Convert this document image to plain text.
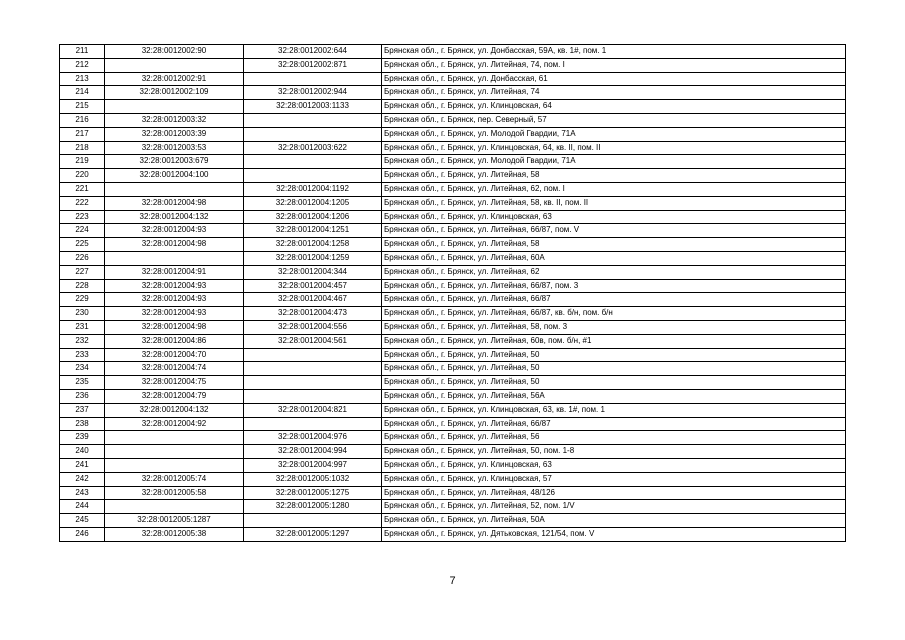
211	32:28:0012002:90	32:28:0012002:644	Брянская обл., г. Брянск, ул. Донбасская, 59А, кв. 1#, пом. 1
212		32:28:0012002:871	Брянская обл., г. Брянск, ул. Литейная, 74, пом. I
213	32:28:0012002:91		Брянская обл., г. Брянск, ул. Донбасская, 61
214	32:28:0012002:109	32:28:0012002:944	Брянская обл., г. Брянск, ул. Литейная, 74
215		32:28:0012003:1133	Брянская обл., г. Брянск, ул. Клинцовская, 64
216	32:28:0012003:32		Брянская обл., г. Брянск, пер. Северный, 57
217	32:28:0012003:39		Брянская обл., г. Брянск, ул. Молодой Гвардии, 71А
218	32:28:0012003:53	32:28:0012003:622	Брянская обл., г. Брянск, ул. Клинцовская, 64, кв. II, пом. II
219	32:28:0012003:679		Брянская обл., г. Брянск, ул. Молодой Гвардии, 71А
220	32:28:0012004:100		Брянская обл., г. Брянск, ул. Литейная, 58
221		32:28:0012004:1192	Брянская обл., г. Брянск, ул. Литейная, 62, пом. I
222	32:28:0012004:98	32:28:0012004:1205	Брянская обл., г. Брянск, ул. Литейная, 58, кв. II, пом. II
223	32:28:0012004:132	32:28:0012004:1206	Брянская обл., г. Брянск, ул. Клинцовская, 63
224	32:28:0012004:93	32:28:0012004:1251	Брянская обл., г. Брянск, ул. Литейная, 66/87, пом. V
225	32:28:0012004:98	32:28:0012004:1258	Брянская обл., г. Брянск, ул. Литейная, 58
226		32:28:0012004:1259	Брянская обл., г. Брянск, ул. Литейная, 60А
227	32:28:0012004:91	32:28:0012004:344	Брянская обл., г. Брянск, ул. Литейная, 62
228	32:28:0012004:93	32:28:0012004:457	Брянская обл., г. Брянск, ул. Литейная, 66/87, пом. 3
229	32:28:0012004:93	32:28:0012004:467	Брянская обл., г. Брянск, ул. Литейная, 66/87
230	32:28:0012004:93	32:28:0012004:473	Брянская обл., г. Брянск, ул. Литейная, 66/87, кв. б/н, пом. б/н
231	32:28:0012004:98	32:28:0012004:556	Брянская обл., г. Брянск, ул. Литейная, 58, пом. 3
232	32:28:0012004:86	32:28:0012004:561	Брянская обл., г. Брянск, ул. Литейная, 60в, пом. б/н, #1
233	32:28:0012004:70		Брянская обл., г. Брянск, ул. Литейная, 50
234	32:28:0012004:74		Брянская обл., г. Брянск, ул. Литейная, 50
235	32:28:0012004:75		Брянская обл., г. Брянск, ул. Литейная, 50
236	32:28:0012004:79		Брянская обл., г. Брянск, ул. Литейная, 56А
237	32:28:0012004:132	32:28:0012004:821	Брянская обл., г. Брянск, ул. Клинцовская, 63, кв. 1#, пом. 1
238	32:28:0012004:92		Брянская обл., г. Брянск, ул. Литейная, 66/87
239		32:28:0012004:976	Брянская обл., г. Брянск, ул. Литейная, 56
240		32:28:0012004:994	Брянская обл., г. Брянск, ул. Литейная, 50, пом. 1-8
241		32:28:0012004:997	Брянская обл., г. Брянск, ул. Клинцовская, 63
242	32:28:0012005:74	32:28:0012005:1032	Брянская обл., г. Брянск, ул. Клинцовская, 57
243	32:28:0012005:58	32:28:0012005:1275	Брянская обл., г. Брянск, ул. Литейная, 48/126
244		32:28:0012005:1280	Брянская обл., г. Брянск, ул. Литейная, 52, пом. 1/V
245	32:28:0012005:1287		Брянская обл., г. Брянск, ул. Литейная, 50А
246	32:28:0012005:38	32:28:0012005:1297	Брянская обл., г. Брянск, ул. Дятьковская, 121/54, пом. V
7
